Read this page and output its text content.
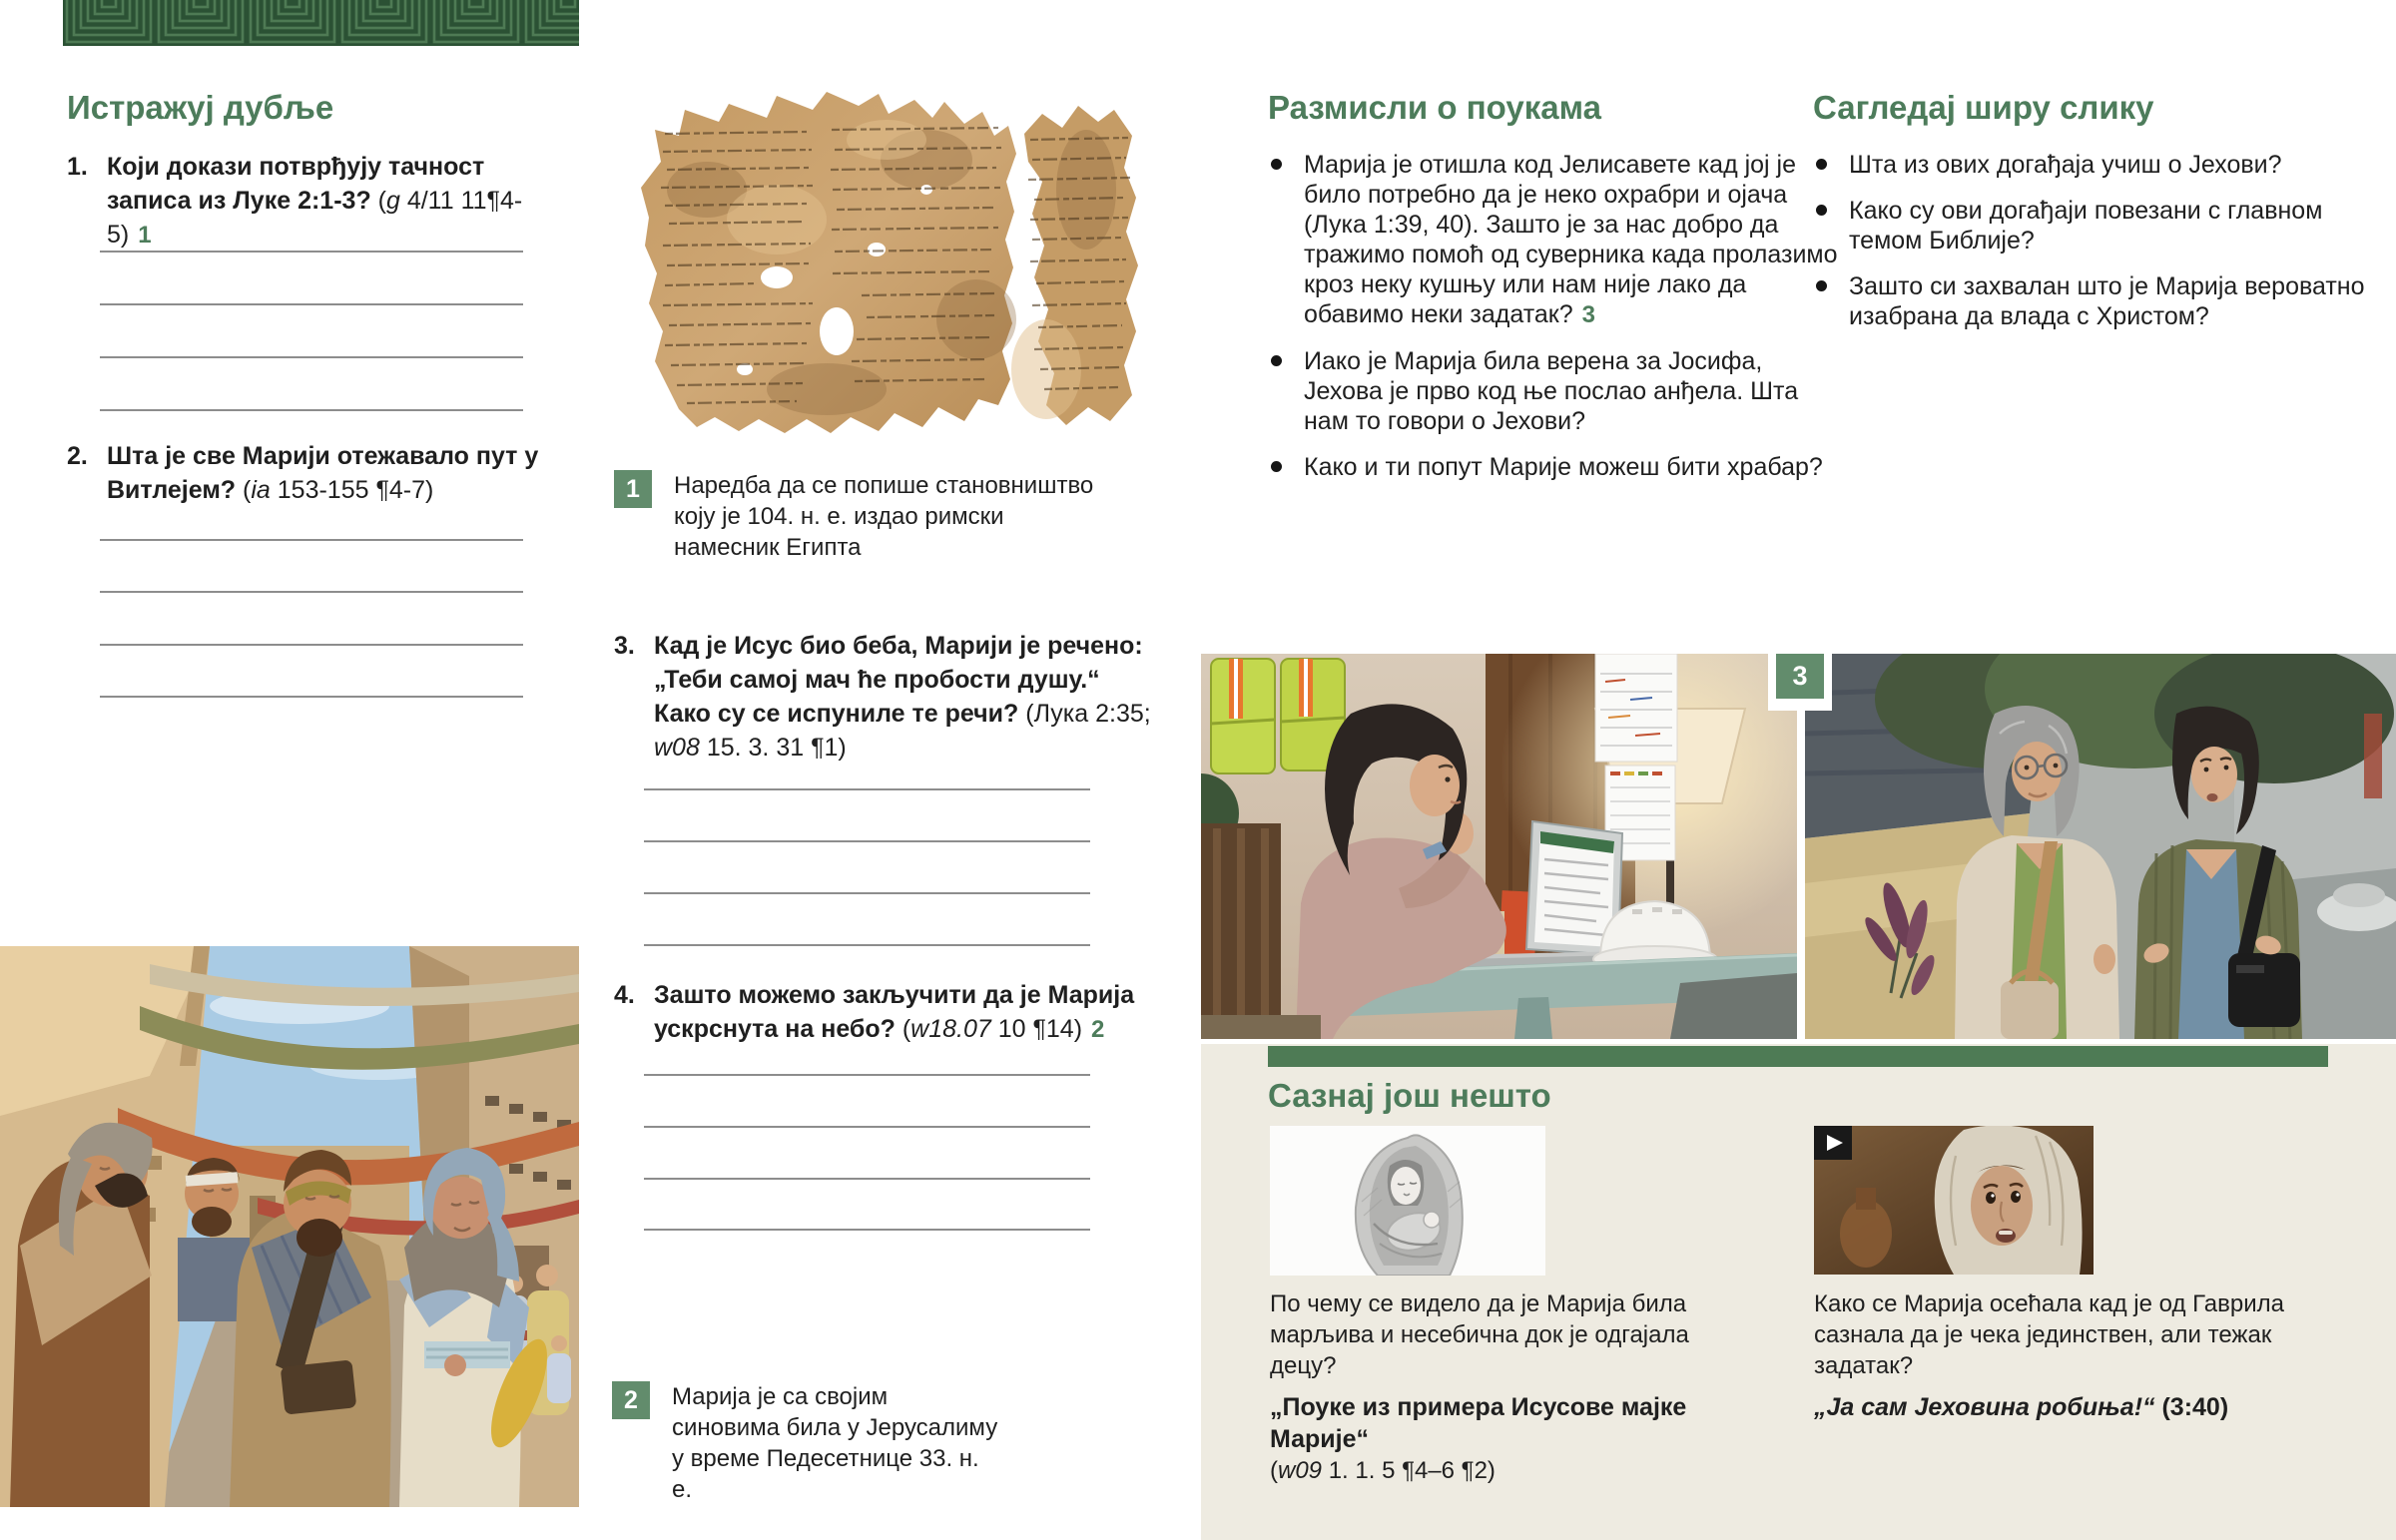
Истражуј дубље
1. Који докази потврђују тачност записа из Луке 2:1-3? (g 4/11 11¶4-5) 1

2. Шта је све Марији отежавало пут у Витлејем? (ia 153-155 ¶4-7)	1	Наредба да се попише становништво коју је 104. н. е. издао римски намесник Египта

3. Кад је Исус био беба, Марији је речено: „Теби самој мач ће пробости душу.“ Како су се испуниле те речи? (Лука 2:35; w08 15. 3. 31 ¶1)

4. Зашто можемо закључити да је Марија ускрснута на небо? (w18.07 10 ¶14) 2

2	Марија је са својим синовима била у Јерусалиму у време Педесетнице 33. н. е.

Размисли о поукама
Марија је отишла код Јелисавете кад јој је било потребно да је неко охрабри и ојача (Лука 1:39, 40). Зашто је за нас добро да тражимо помоћ од суверника када пролазимо кроз неку кушњу или нам није лако да обавимо неки задатак? 3
Иако је Марија била верена за Јосифа, Јехова је прво код ње послао анђела. Шта нам то говори о Јехови?
Како и ти попут Марије можеш бити храбар?
Сагледај ширу слику
Шта из ових догађаја учиш о Јехови?
Како су ови догађаји повезани с главном темом Библије?
Зашто си захвалан што је Марија вероватно изабрана да влада с Христом?
3
Сазнај још нешто

По чему се видело да је Марија била марљива и несебична док је одгајала децу?

„Поуке из примера Исусове мајке Марије“

(w09 1. 1. 5 ¶4–6 ¶2)

Како се Марија осећала кад је од Гаврила сазнала да је чека јединствен, али тежак задатак?

„Ја сам Јеховина робиња!“ (3:40)
